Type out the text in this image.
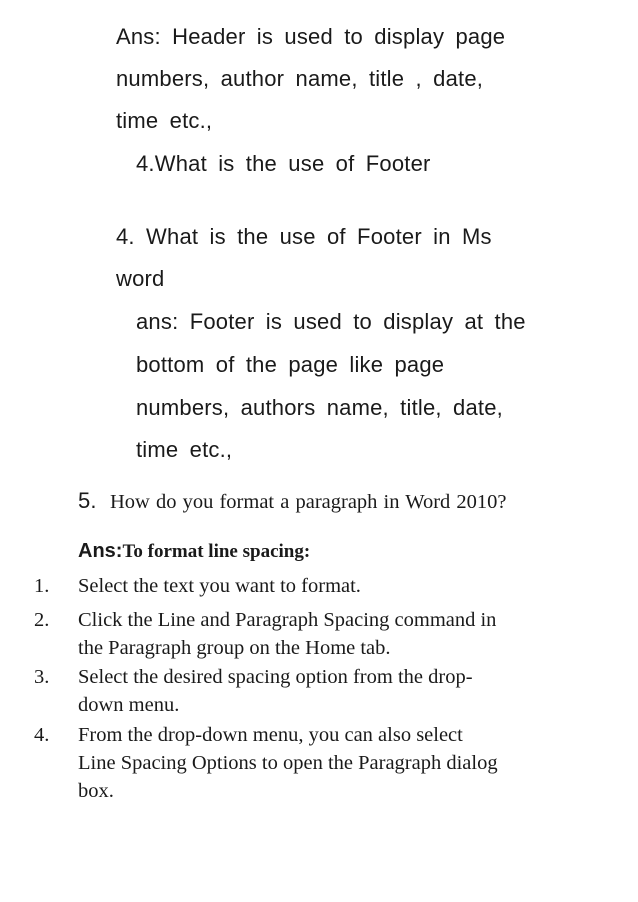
Ans: Header is used to display page
numbers, author name, title , date,
time etc.,
4.What is the use of Footer
4. What is the use of Footer in Ms
word
ans: Footer is used to display at the
bottom of the page like page
numbers, authors name, title, date,
time etc.,
5. How do you format a paragraph in Word 2010?
Ans:To format line spacing:
1. Select the text you want to format.
2. Click the Line and Paragraph Spacing command in
the Paragraph group on the Home tab.
3. Select the desired spacing option from the drop-
down menu.
4. From the drop-down menu, you can also select
Line Spacing Options to open the Paragraph dialog
box.
